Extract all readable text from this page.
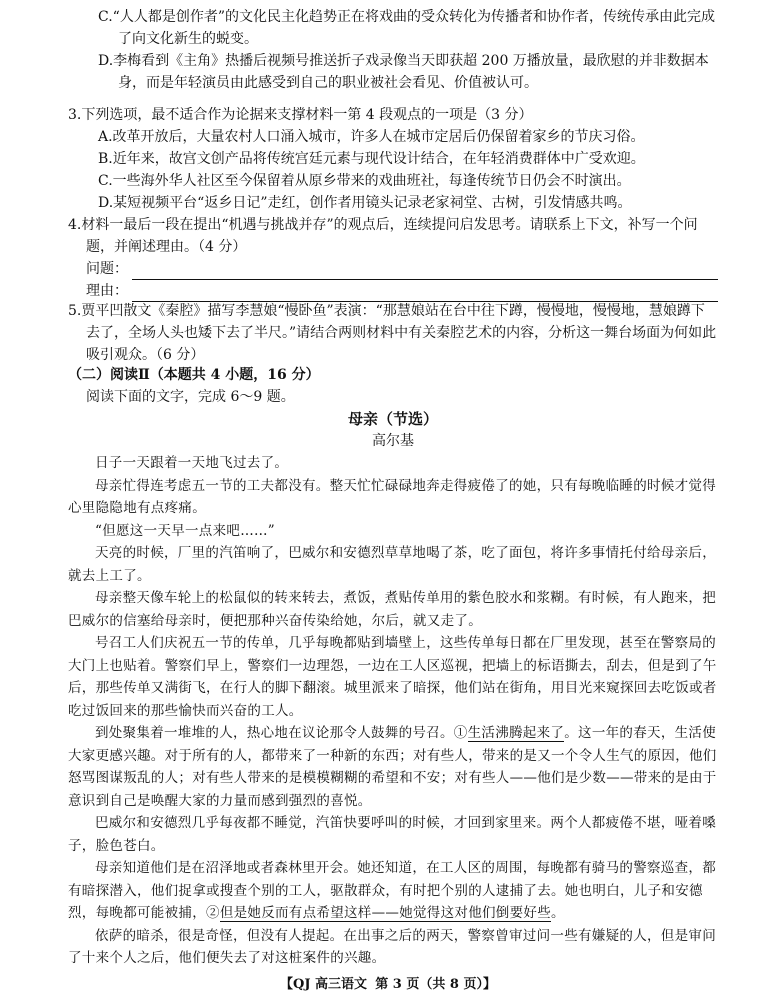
C.“人人都是创作者”的文化民主化趋势正在将戏曲的受众转化为传播者和协作者，传统传承由此完成了向文化新生的蜕变。

D.李梅看到《主角》热播后视频号推送折子戏录像当天即获超 200 万播放量，最欣慰的并非数据本身，而是年轻演员由此感受到自己的职业被社会看见、价值被认可。

3.下列选项，最不适合作为论据来支撑材料一第 4 段观点的一项是（3 分）

A.改革开放后，大量农村人口涌入城市，许多人在城市定居后仍保留着家乡的节庆习俗。

B.近年来，故宫文创产品将传统宫廷元素与现代设计结合，在年轻消费群体中广受欢迎。

C.一些海外华人社区至今保留着从原乡带来的戏曲班社，每逢传统节日仍会不时演出。

D.某短视频平台“返乡日记”走红，创作者用镜头记录老家祠堂、古树，引发情感共鸣。

4.材料一最后一段在提出“机遇与挑战并存”的观点后，连续提问启发思考。请联系上下文，补写一个问题，并阐述理由。（4 分）

问题：
理由：

5.贾平凹散文《秦腔》描写李慧娘“慢卧鱼”表演：“那慧娘站在台中往下蹲，慢慢地，慢慢地，慧娘蹲下去了，全场人头也矮下去了半尺。”请结合两则材料中有关秦腔艺术的内容，分析这一舞台场面为何如此吸引观众。（6 分）

（二）阅读Ⅱ（本题共 4 小题，16 分）

阅读下面的文字，完成 6～9 题。

母亲（节选）

高尔基

日子一天跟着一天地飞过去了。

母亲忙得连考虑五一节的工夫都没有。整天忙忙碌碌地奔走得疲倦了的她，只有每晚临睡的时候才觉得心里隐隐地有点疼痛。

“但愿这一天早一点来吧……”

天亮的时候，厂里的汽笛响了，巴威尔和安德烈草草地喝了茶，吃了面包，将许多事情托付给母亲后，就去上工了。

母亲整天像车轮上的松鼠似的转来转去，煮饭，煮贴传单用的紫色胶水和浆糊。有时候，有人跑来，把巴威尔的信塞给母亲时，便把那种兴奋传染给她，尔后，就又走了。

号召工人们庆祝五一节的传单，几乎每晚都贴到墙壁上，这些传单每日都在厂里发现，甚至在警察局的大门上也贴着。警察们早上，警察们一边理怨，一边在工人区巡视，把墙上的标语撕去，刮去，但是到了午后，那些传单又满街飞，在行人的脚下翻滚。城里派来了暗探，他们站在街角，用目光来窥探回去吃饭或者吃过饭回来的那些愉快而兴奋的工人。

到处聚集着一堆堆的人，热心地在议论那令人鼓舞的号召。①生活沸腾起来了。这一年的春天，生活使大家更感兴趣。对于所有的人，都带来了一种新的东西；对有些人，带来的是又一个令人生气的原因，他们怒骂图谋叛乱的人；对有些人带来的是模模糊糊的希望和不安；对有些人——他们是少数——带来的是由于意识到自己是唤醒大家的力量而感到强烈的喜悦。

巴威尔和安德烈几乎每夜都不睡觉，汽笛快要呼叫的时候，才回到家里来。两个人都疲倦不堪，哑着嗓子，脸色苍白。

母亲知道他们是在沼泽地或者森林里开会。她还知道，在工人区的周围，每晚都有骑马的警察巡查，都有暗探潜入，他们捉拿或搜查个别的工人，驱散群众，有时把个别的人逮捕了去。她也明白，儿子和安德烈，每晚都可能被捕，②但是她反而有点希望这样——她觉得这对他们倒要好些。

依萨的暗杀，很是奇怪，但没有人提起。在出事之后的两天，警察曾审过问一些有嫌疑的人，但是审问了十来个人之后，他们便失去了对这桩案件的兴趣。

【QJ 高三语文 第 3 页（共 8 页）】
